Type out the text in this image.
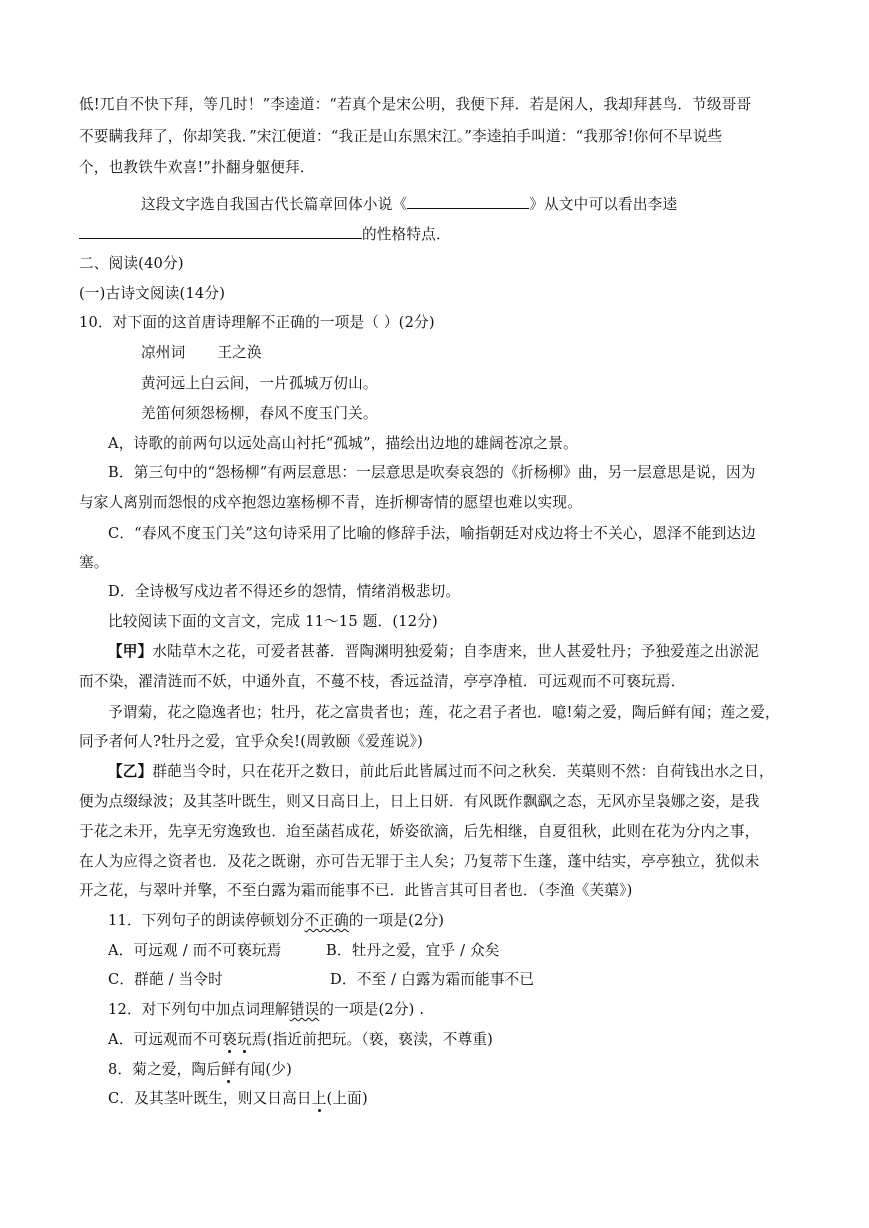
低!兀自不快下拜，等几时！”李逵道：“若真个是宋公明，我便下拜．若是闲人，我却拜甚鸟．节级哥哥
不要瞒我拜了，你却笑我．”宋江便道：“我正是山东黑宋江。”李逵拍手叫道：“我那爷!你何不早说些
个，也教铁牛欢喜!”扑翻身躯便拜．
这段文字选自我国古代长篇章回体小说《	》从文中可以看出李逵
的性格特点．
二、阅读(40分)
(一)古诗文阅读(14分)
10．对下面的这首唐诗理解不正确的一项是（ ）(2分)
凉州词 王之涣
黄河远上白云间，一片孤城万仞山。
羌笛何须怨杨柳，春风不度玉门关。
A，诗歌的前两句以远处高山衬托“孤城”，描绘出边地的雄阔苍凉之景。
B．第三句中的“怨杨柳”有两层意思：一层意思是吹奏哀怨的《折杨柳》曲，另一层意思是说，因为
与家人离别而怨恨的戍卒抱怨边塞杨柳不青，连折柳寄情的愿望也难以实现。
C．“春风不度玉门关”这句诗采用了比喻的修辞手法，喻指朝廷对戍边将士不关心，恩泽不能到达边
塞。
D．全诗极写戍边者不得还乡的怨情，情绪消极悲切。
比较阅读下面的文言文，完成 11～15 题．(12分)
【甲】水陆草木之花，可爱者甚蕃．晋陶渊明独爱菊；自李唐来，世人甚爱牡丹；予独爱莲之出淤泥
而不染，濯清涟而不妖，中通外直，不蔓不枝，香远益清，亭亭净植．可远观而不可亵玩焉．
予谓菊，花之隐逸者也；牡丹，花之富贵者也；莲，花之君子者也．噫!菊之爱，陶后鲜有闻；莲之爱，
同予者何人?牡丹之爱，宜乎众矣!(周敦颐《爱莲说》)
【乙】群葩当令时，只在花开之数日，前此后此皆属过而不问之秋矣．芙蕖则不然：自荷钱出水之日，
便为点缀绿波；及其茎叶既生，则又日高日上，日上日妍．有风既作飘飖之态，无风亦呈袅娜之姿，是我
于花之未开，先享无穷逸致也．迨至菡萏成花，娇姿欲滴，后先相继，自夏徂秋，此则在花为分内之事，
在人为应得之资者也．及花之既谢，亦可告无罪于主人矣；乃复蒂下生蓬，蓬中结实，亭亭独立，犹似未
开之花，与翠叶并擎，不至白露为霜而能事不已．此皆言其可目者也．（李渔《芙蕖》)
11．下列句子的朗读停顿划分不正确的一项是(2分)
A．可远观 / 而不可亵玩焉	B．牡丹之爱，宜乎 / 众矣
C．群葩 / 当令时	D．不至 / 白露为霜而能事不已
12．对下列句中加点词理解错误的一项是(2分) .
A．可远观而不可亵玩焉(指近前把玩。（亵，亵渎，不尊重)
8．菊之爱，陶后鲜有闻(少)
C．及其茎叶既生，则又日高日上(上面)
